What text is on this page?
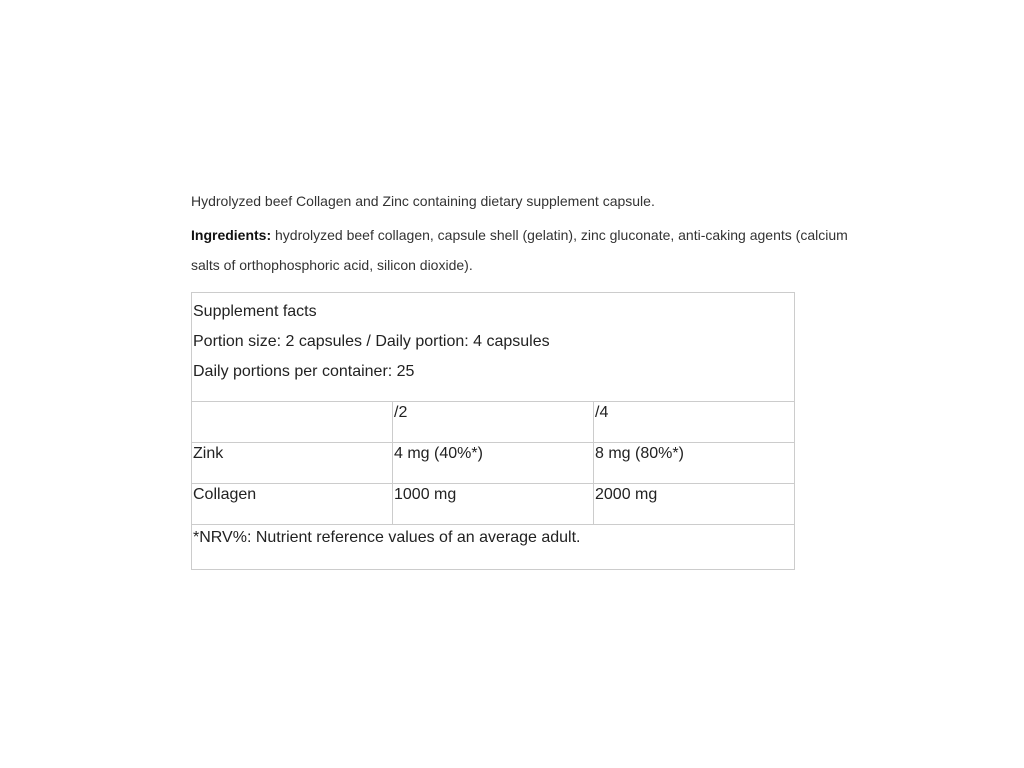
Hydrolyzed beef Collagen and Zinc containing dietary supplement capsule.

Ingredients: hydrolyzed beef collagen, capsule shell (gelatin), zinc gluconate, anti-caking agents (calcium salts of orthophosphoric acid, silicon dioxide).

Supplement facts
Portion size: 2 capsules / Daily portion: 4 capsules
Daily portions per container: 25		

	/2	/4
Zink	4 mg (40%*)	8 mg (80%*)
Collagen	1000 mg	2000 mg
*NRV%: Nutrient reference values of an average adult.		
